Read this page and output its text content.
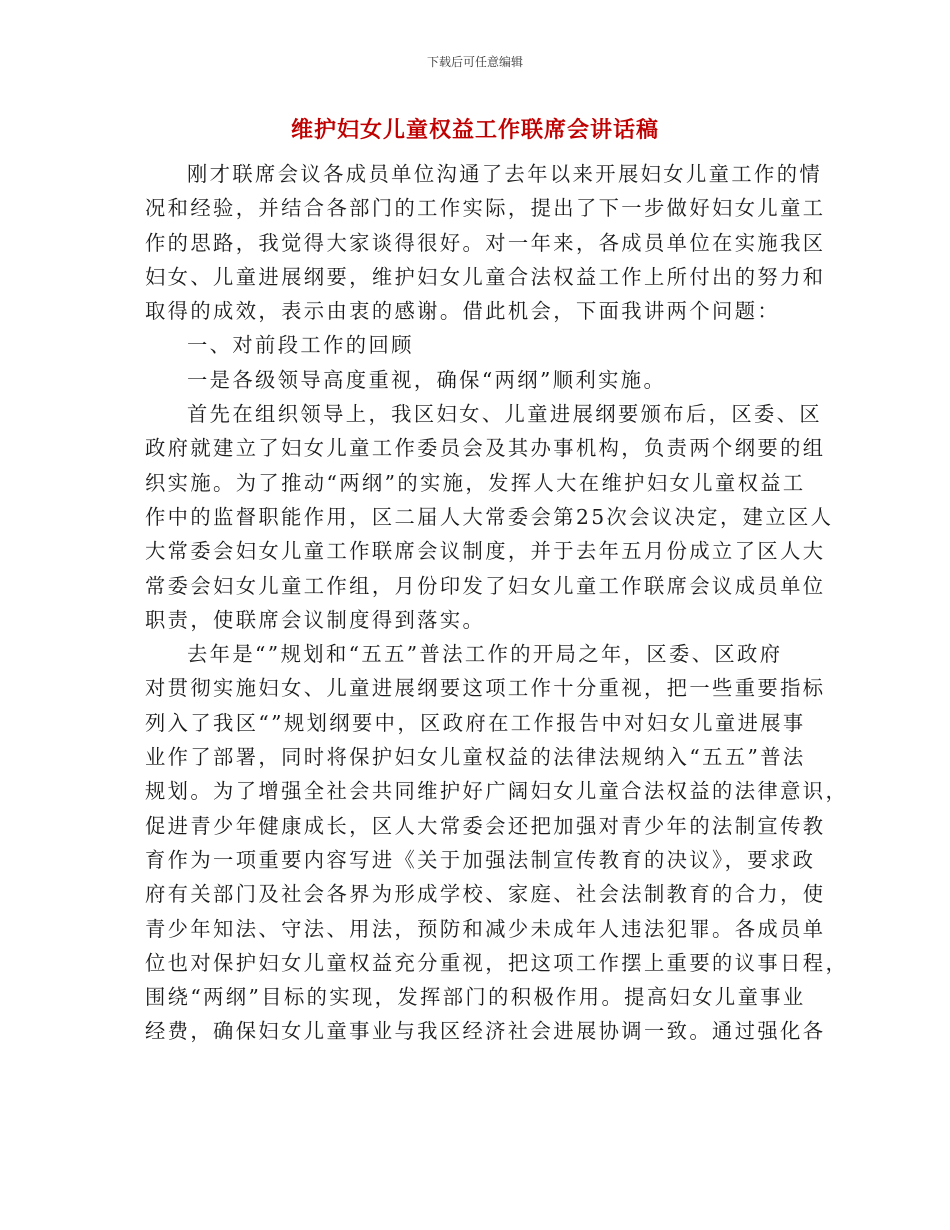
下载后可任意编辑
维护妇女儿童权益工作联席会讲话稿
刚才联席会议各成员单位沟通了去年以来开展妇女儿童工作的情
况和经验，并结合各部门的工作实际，提出了下一步做好妇女儿童工
作的思路，我觉得大家谈得很好。对一年来，各成员单位在实施我区
妇女、儿童进展纲要，维护妇女儿童合法权益工作上所付出的努力和
取得的成效，表示由衷的感谢。借此机会，下面我讲两个问题：
一、对前段工作的回顾
一是各级领导高度重视，确保“两纲”顺利实施。
首先在组织领导上，我区妇女、儿童进展纲要颁布后，区委、区
政府就建立了妇女儿童工作委员会及其办事机构，负责两个纲要的组
织实施。为了推动“两纲”的实施，发挥人大在维护妇女儿童权益工
作中的监督职能作用，区二届人大常委会第25次会议决定，建立区人
大常委会妇女儿童工作联席会议制度，并于去年五月份成立了区人大
常委会妇女儿童工作组，月份印发了妇女儿童工作联席会议成员单位
职责，使联席会议制度得到落实。
去年是“”规划和“五五”普法工作的开局之年，区委、区政府
对贯彻实施妇女、儿童进展纲要这项工作十分重视，把一些重要指标
列入了我区“”规划纲要中，区政府在工作报告中对妇女儿童进展事
业作了部署，同时将保护妇女儿童权益的法律法规纳入“五五”普法
规划。为了增强全社会共同维护好广阔妇女儿童合法权益的法律意识，
促进青少年健康成长，区人大常委会还把加强对青少年的法制宣传教
育作为一项重要内容写进《关于加强法制宣传教育的决议》，要求政
府有关部门及社会各界为形成学校、家庭、社会法制教育的合力，使
青少年知法、守法、用法，预防和减少未成年人违法犯罪。各成员单
位也对保护妇女儿童权益充分重视，把这项工作摆上重要的议事日程，
围绕“两纲”目标的实现，发挥部门的积极作用。提高妇女儿童事业
经费，确保妇女儿童事业与我区经济社会进展协调一致。通过强化各
